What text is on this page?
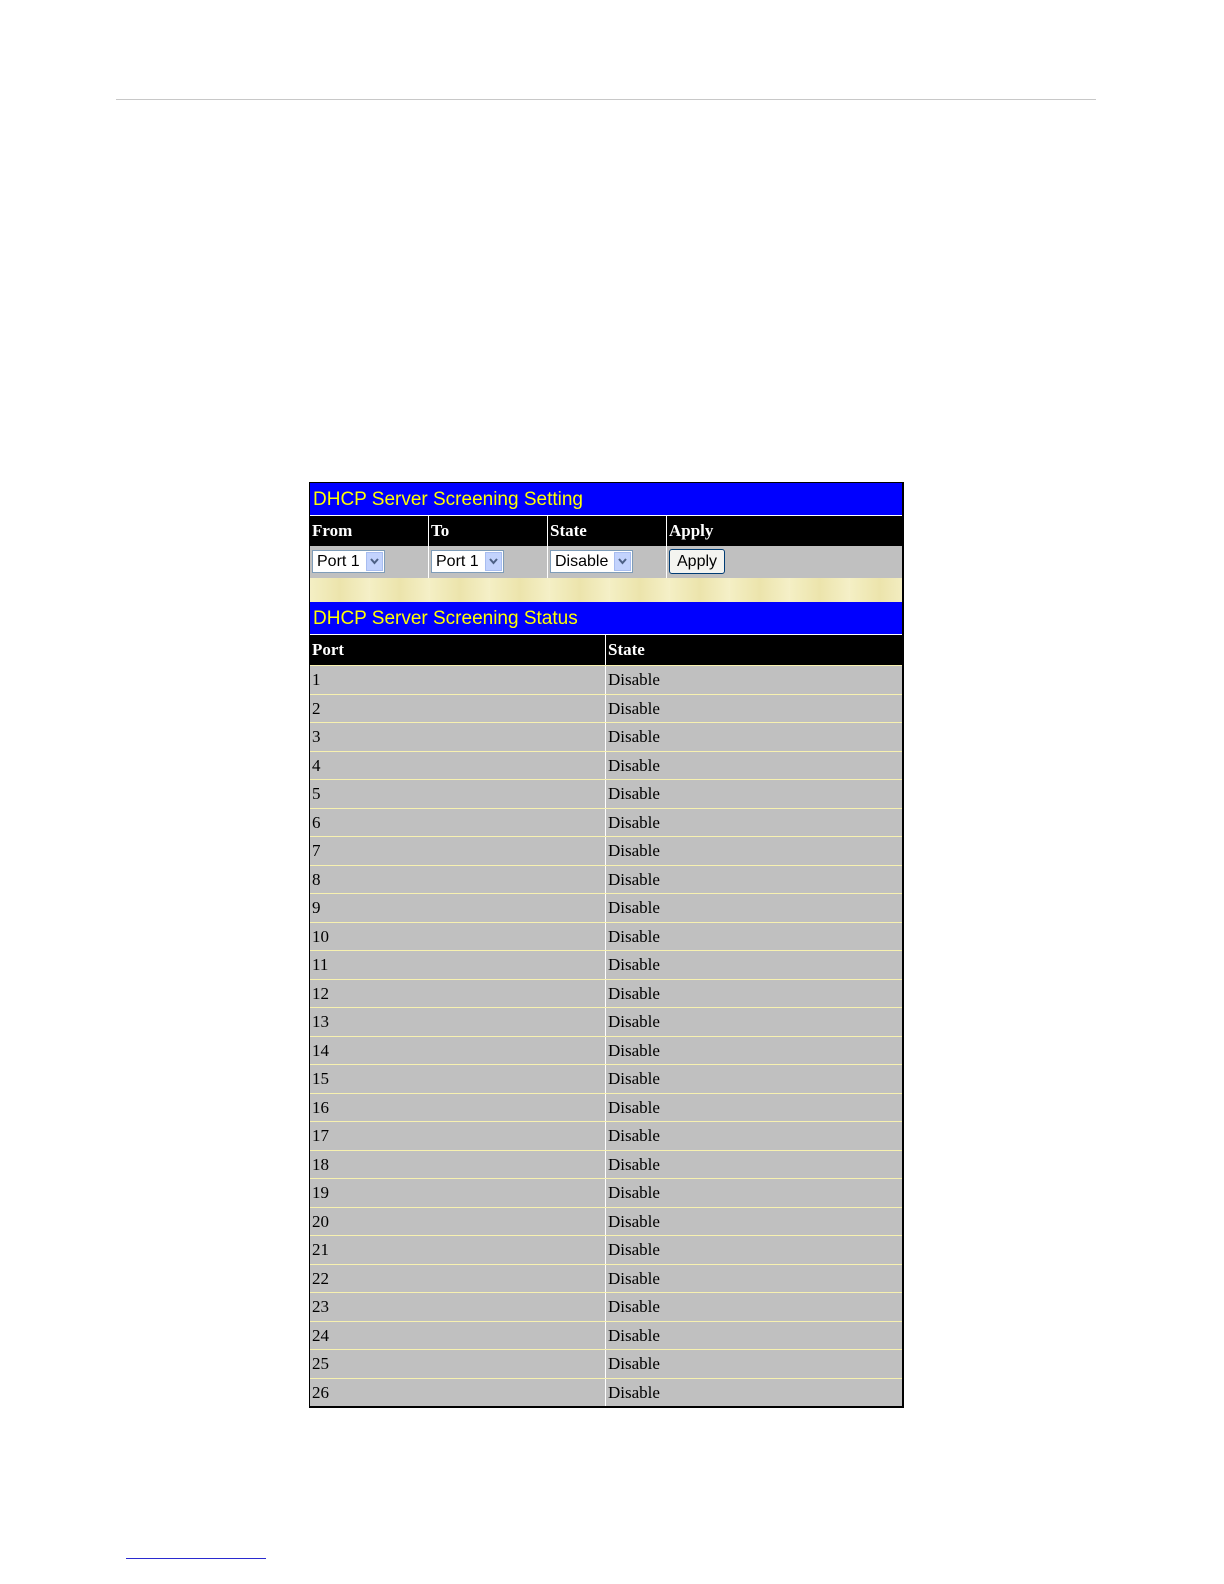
DHCP Server Screening Setting
From	To	State	Apply
Port 1	Port 1	Disable	Apply
DHCP Server Screening Status
Port	State
1	Disable
2	Disable
3	Disable
4	Disable
5	Disable
6	Disable
7	Disable
8	Disable
9	Disable
10	Disable
11	Disable
12	Disable
13	Disable
14	Disable
15	Disable
16	Disable
17	Disable
18	Disable
19	Disable
20	Disable
21	Disable
22	Disable
23	Disable
24	Disable
25	Disable
26	Disable
